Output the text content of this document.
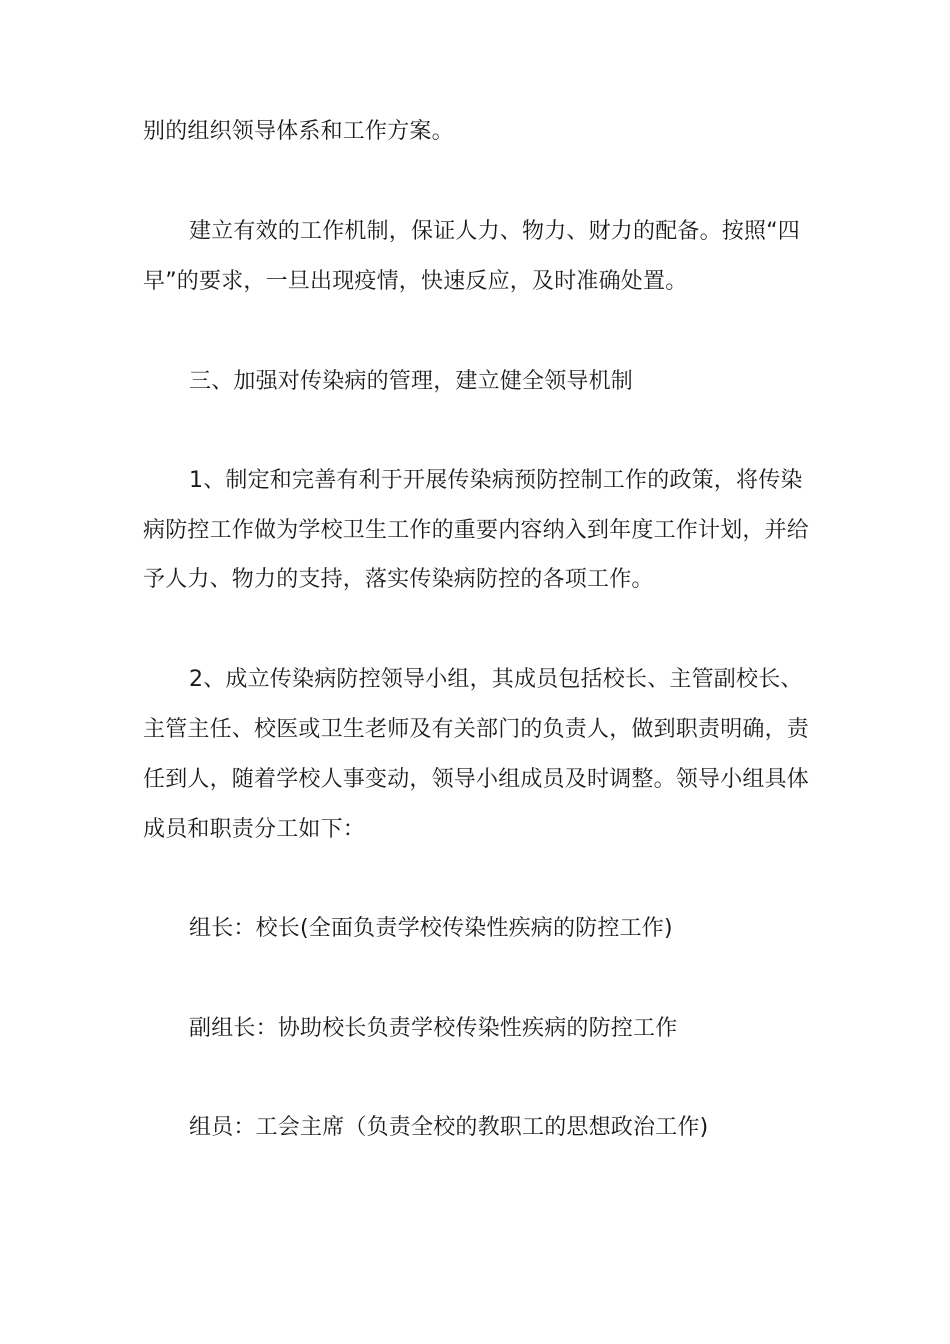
别的组织领导体系和工作方案。

建立有效的工作机制，保证人力、物力、财力的配备。按照“四

早”的要求，一旦出现疫情，快速反应，及时准确处置。

三、加强对传染病的管理，建立健全领导机制

1、制定和完善有利于开展传染病预防控制工作的政策，将传染

病防控工作做为学校卫生工作的重要内容纳入到年度工作计划，并给

予人力、物力的支持，落实传染病防控的各项工作。

2、成立传染病防控领导小组，其成员包括校长、主管副校长、

主管主任、校医或卫生老师及有关部门的负责人，做到职责明确，责

任到人，随着学校人事变动，领导小组成员及时调整。领导小组具体

成员和职责分工如下：

组长：校长(全面负责学校传染性疾病的防控工作)

副组长：协助校长负责学校传染性疾病的防控工作

组员：工会主席（负责全校的教职工的思想政治工作)
